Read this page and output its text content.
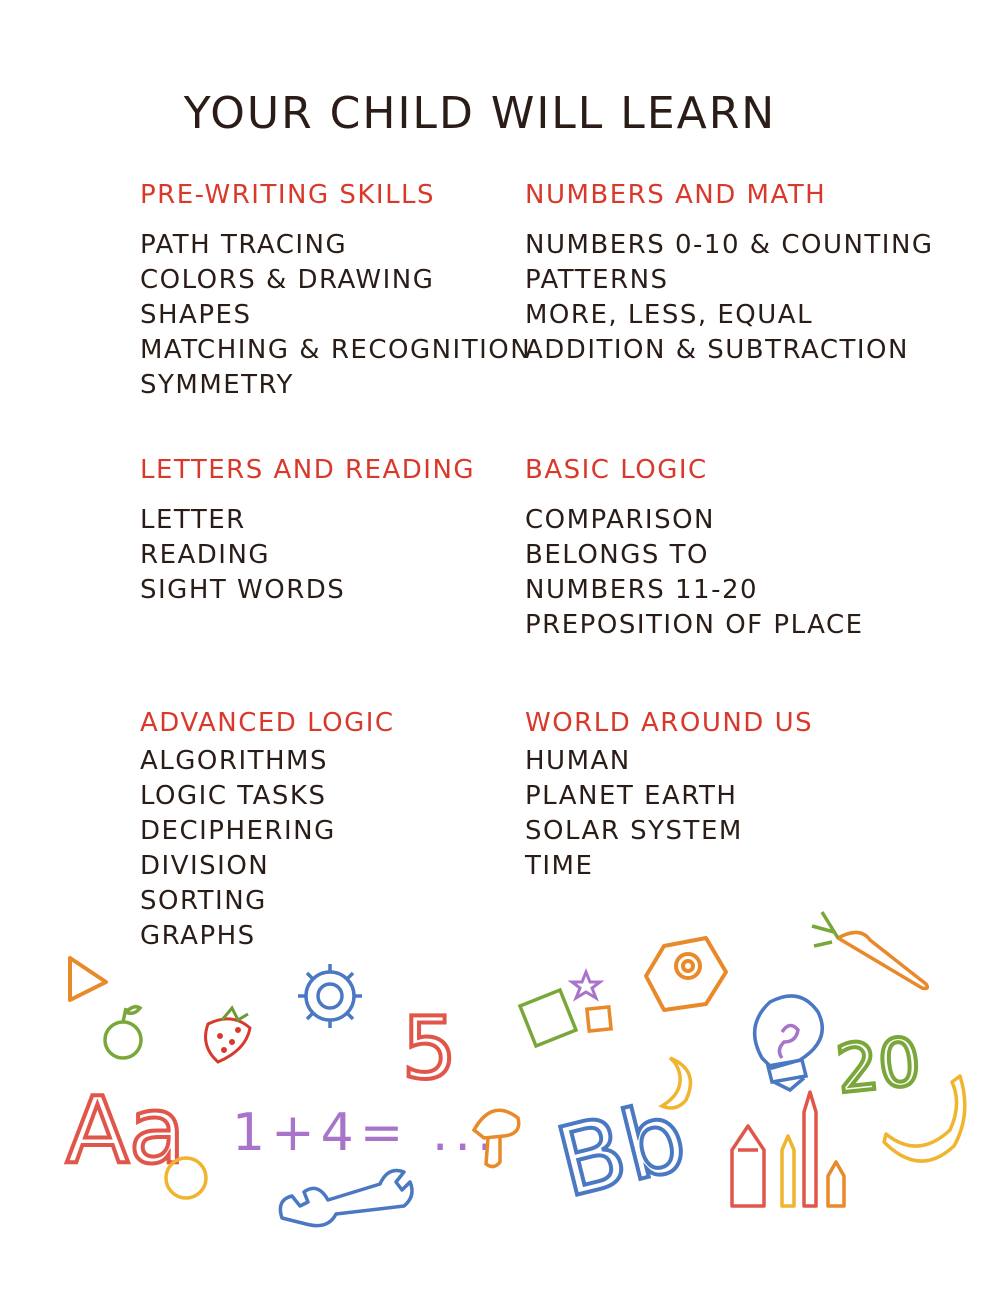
YOUR CHILD WILL LEARN
PRE-WRITING SKILLS
PATH TRACING
COLORS & DRAWING
SHAPES
MATCHING & RECOGNITION
SYMMETRY
NUMBERS AND MATH
NUMBERS 0-10 & COUNTING
PATTERNS
MORE, LESS, EQUAL
ADDITION & SUBTRACTION
LETTERS AND READING
LETTER
READING
SIGHT WORDS
BASIC LOGIC
COMPARISON
BELONGS TO
NUMBERS 11-20
PREPOSITION OF PLACE
ADVANCED LOGIC
ALGORITHMS
LOGIC TASKS
DECIPHERING
DIVISION
SORTING
GRAPHS
WORLD AROUND US
HUMAN
PLANET EARTH
SOLAR SYSTEM
TIME
5
Aa 1+4= ... Bb
20
